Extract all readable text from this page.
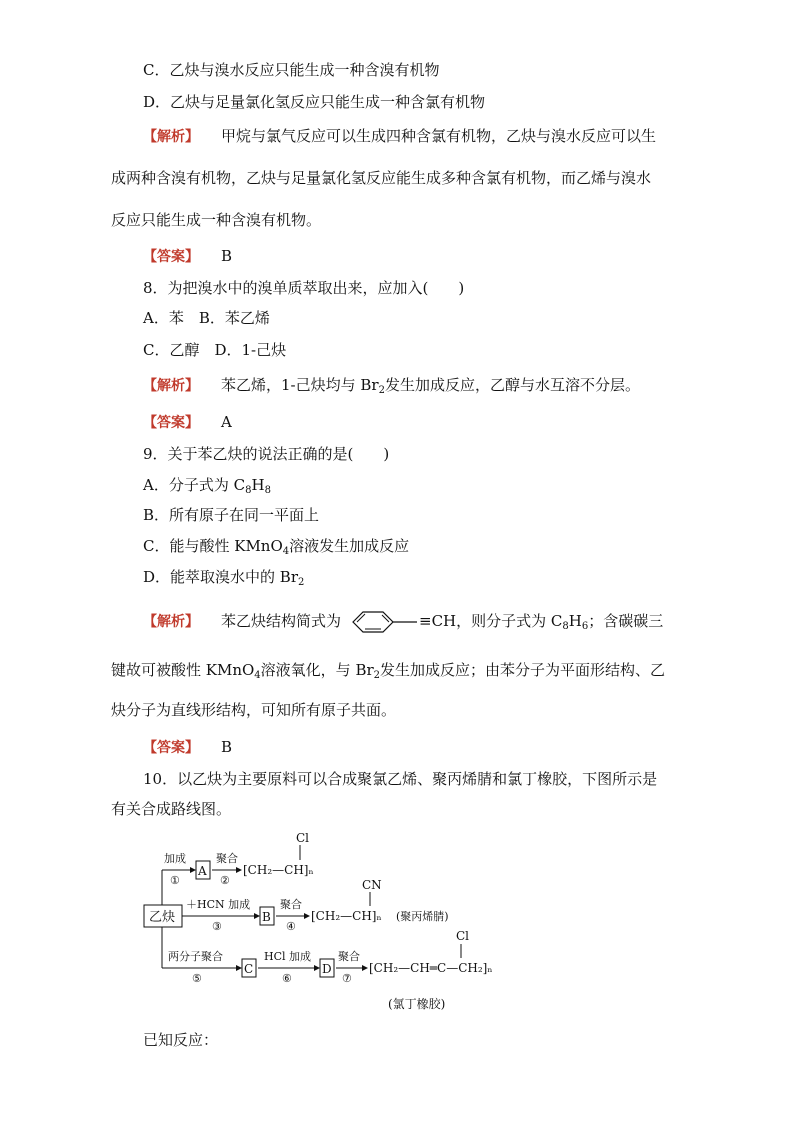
C．乙炔与溴水反应只能生成一种含溴有机物
D．乙炔与足量氯化氢反应只能生成一种含氯有机物
【解析】 甲烷与氯气反应可以生成四种含氯有机物，乙炔与溴水反应可以生
成两种含溴有机物，乙炔与足量氯化氢反应能生成多种含氯有机物，而乙烯与溴水
反应只能生成一种含溴有机物。
【答案】 B
8．为把溴水中的溴单质萃取出来，应加入(　　)
A．苯　B．苯乙烯
C．乙醇　D．1-己炔
【解析】 苯乙烯，1-己炔均与 $Br_2$发生加成反应，乙醇与水互溶不分层。
【答案】 A
9．关于苯乙炔的说法正确的是(　　)
A．分子式为 $C_8H_8$
B．所有原子在同一平面上
C．能与酸性 KMnO$_4$溶液发生加成反应
D．能萃取溴水中的 $Br_2$
【解析】 苯乙炔结构简式为	≡CH，则分子式为 $C_8H_6$；含碳碳三
键故可被酸性 KMnO$_4$溶液氧化，与 $Br_2$发生加成反应；由苯分子为平面形结构、乙
炔分子为直线形结构，可知所有原子共面。
【答案】 B
10．以乙炔为主要原料可以合成聚氯乙烯、聚丙烯腈和氯丁橡胶，下图所示是
有关合成路线图。
乙炔
加成
①
A
聚合
②
Cl
[CH₂—CH]ₙ
＋HCN 加成
③
B
聚合
④
CN
[CH₂—CH]ₙ (聚丙烯腈)
两分子聚合
⑤
C
HCl 加成
⑥
D
聚合
⑦
Cl
[CH₂—CH═C—CH₂]ₙ
(氯丁橡胶)
已知反应：
